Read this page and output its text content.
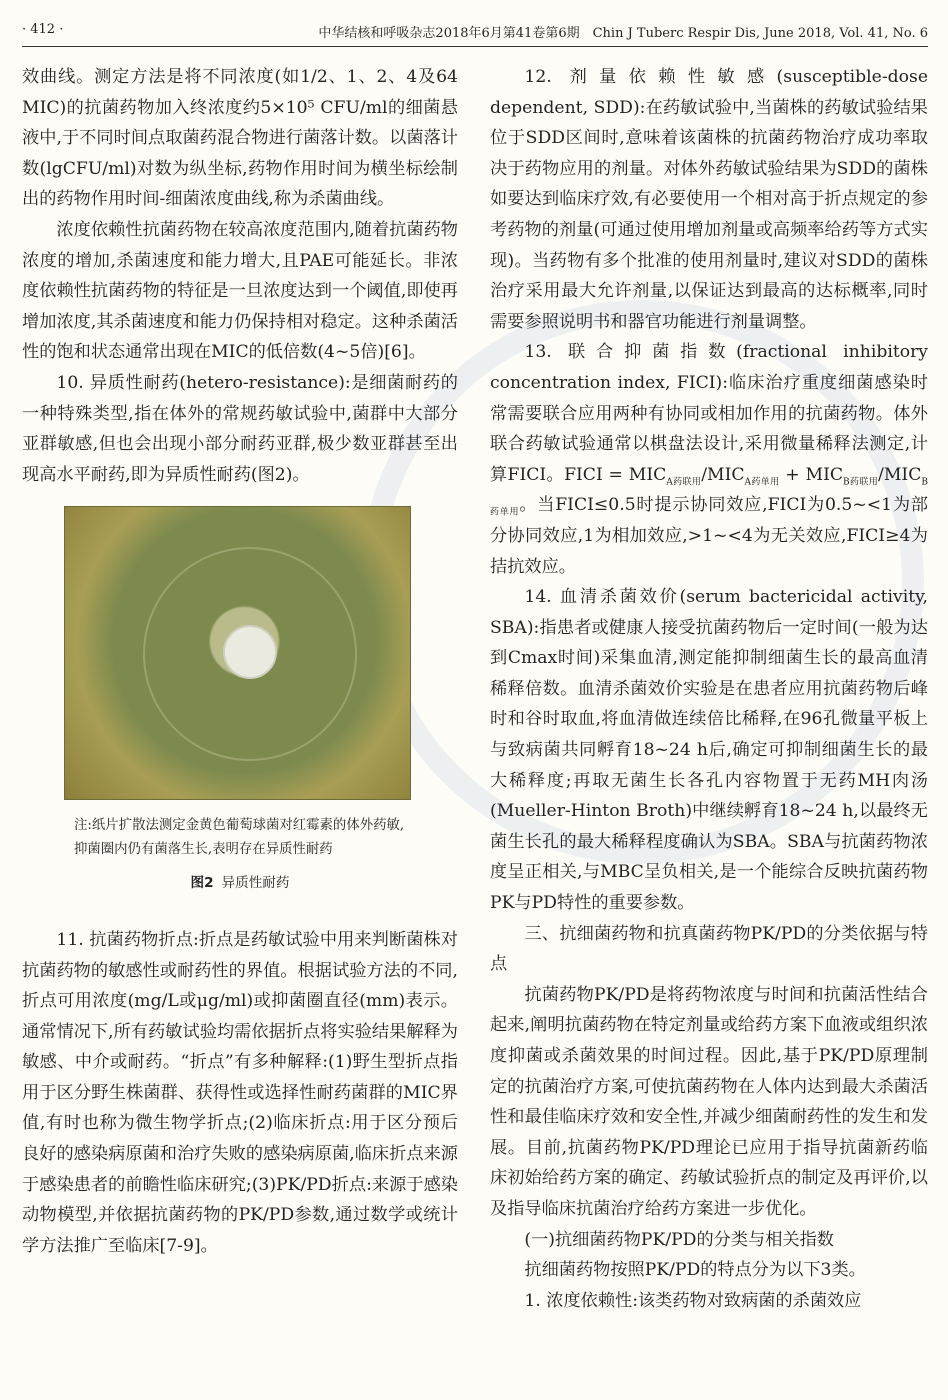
· 412 ·	中华结核和呼吸杂志2018年6月第41卷第6期　Chin J Tuberc Respir Dis, June 2018, Vol. 41, No. 6

效曲线。测定方法是将不同浓度(如1/2、1、2、4及64 MIC)的抗菌药物加入终浓度约5×10⁵ CFU/ml的细菌悬液中,于不同时间点取菌药混合物进行菌落计数。以菌落计数(lgCFU/ml)对数为纵坐标,药物作用时间为横坐标绘制出的药物作用时间-细菌浓度曲线,称为杀菌曲线。

浓度依赖性抗菌药物在较高浓度范围内,随着抗菌药物浓度的增加,杀菌速度和能力增大,且PAE可能延长。非浓度依赖性抗菌药物的特征是一旦浓度达到一个阈值,即使再增加浓度,其杀菌速度和能力仍保持相对稳定。这种杀菌活性的饱和状态通常出现在MIC的低倍数(4~5倍)[6]。

10. 异质性耐药(hetero-resistance):是细菌耐药的一种特殊类型,指在体外的常规药敏试验中,菌群中大部分亚群敏感,但也会出现小部分耐药亚群,极少数亚群甚至出现高水平耐药,即为异质性耐药(图2)。

注:纸片扩散法测定金黄色葡萄球菌对红霉素的体外药敏,抑菌圈内仍有菌落生长,表明存在异质性耐药
图2 异质性耐药

11. 抗菌药物折点:折点是药敏试验中用来判断菌株对抗菌药物的敏感性或耐药性的界值。根据试验方法的不同,折点可用浓度(mg/L或μg/ml)或抑菌圈直径(mm)表示。通常情况下,所有药敏试验均需依据折点将实验结果解释为敏感、中介或耐药。“折点”有多种解释:(1)野生型折点指用于区分野生株菌群、获得性或选择性耐药菌群的MIC界值,有时也称为微生物学折点;(2)临床折点:用于区分预后良好的感染病原菌和治疗失败的感染病原菌,临床折点来源于感染患者的前瞻性临床研究;(3)PK/PD折点:来源于感染动物模型,并依据抗菌药物的PK/PD参数,通过数学或统计学方法推广至临床[7-9]。

12. 剂量依赖性敏感(susceptible-dose dependent, SDD):在药敏试验中,当菌株的药敏试验结果位于SDD区间时,意味着该菌株的抗菌药物治疗成功率取决于药物应用的剂量。对体外药敏试验结果为SDD的菌株如要达到临床疗效,有必要使用一个相对高于折点规定的参考药物的剂量(可通过使用增加剂量或高频率给药等方式实现)。当药物有多个批准的使用剂量时,建议对SDD的菌株治疗采用最大允许剂量,以保证达到最高的达标概率,同时需要参照说明书和器官功能进行剂量调整。

13. 联合抑菌指数(fractional inhibitory concentration index, FICI):临床治疗重度细菌感染时常需要联合应用两种有协同或相加作用的抗菌药物。体外联合药敏试验通常以棋盘法设计,采用微量稀释法测定,计算FICI。FICI = $MIC_{A药联用}/MIC_{A药单用} + MIC_{B药联用}/MIC_{B药单用}$。当FICI≤0.5时提示协同效应,FICI为0.5~<1为部分协同效应,1为相加效应,>1~<4为无关效应,FICI≥4为拮抗效应。

14. 血清杀菌效价(serum bactericidal activity, SBA):指患者或健康人接受抗菌药物后一定时间(一般为达到Cmax时间)采集血清,测定能抑制细菌生长的最高血清稀释倍数。血清杀菌效价实验是在患者应用抗菌药物后峰时和谷时取血,将血清做连续倍比稀释,在96孔微量平板上与致病菌共同孵育18~24 h后,确定可抑制细菌生长的最大稀释度;再取无菌生长各孔内容物置于无药MH肉汤(Mueller-Hinton Broth)中继续孵育18~24 h,以最终无菌生长孔的最大稀释程度确认为SBA。SBA与抗菌药物浓度呈正相关,与MBC呈负相关,是一个能综合反映抗菌药物PK与PD特性的重要参数。

三、抗细菌药物和抗真菌药物PK/PD的分类依据与特点

抗菌药物PK/PD是将药物浓度与时间和抗菌活性结合起来,阐明抗菌药物在特定剂量或给药方案下血液或组织浓度抑菌或杀菌效果的时间过程。因此,基于PK/PD原理制定的抗菌治疗方案,可使抗菌药物在人体内达到最大杀菌活性和最佳临床疗效和安全性,并减少细菌耐药性的发生和发展。目前,抗菌药物PK/PD理论已应用于指导抗菌新药临床初始给药方案的确定、药敏试验折点的制定及再评价,以及指导临床抗菌治疗给药方案进一步优化。

(一)抗细菌药物PK/PD的分类与相关指数

抗细菌药物按照PK/PD的特点分为以下3类。

1. 浓度依赖性:该类药物对致病菌的杀菌效应
